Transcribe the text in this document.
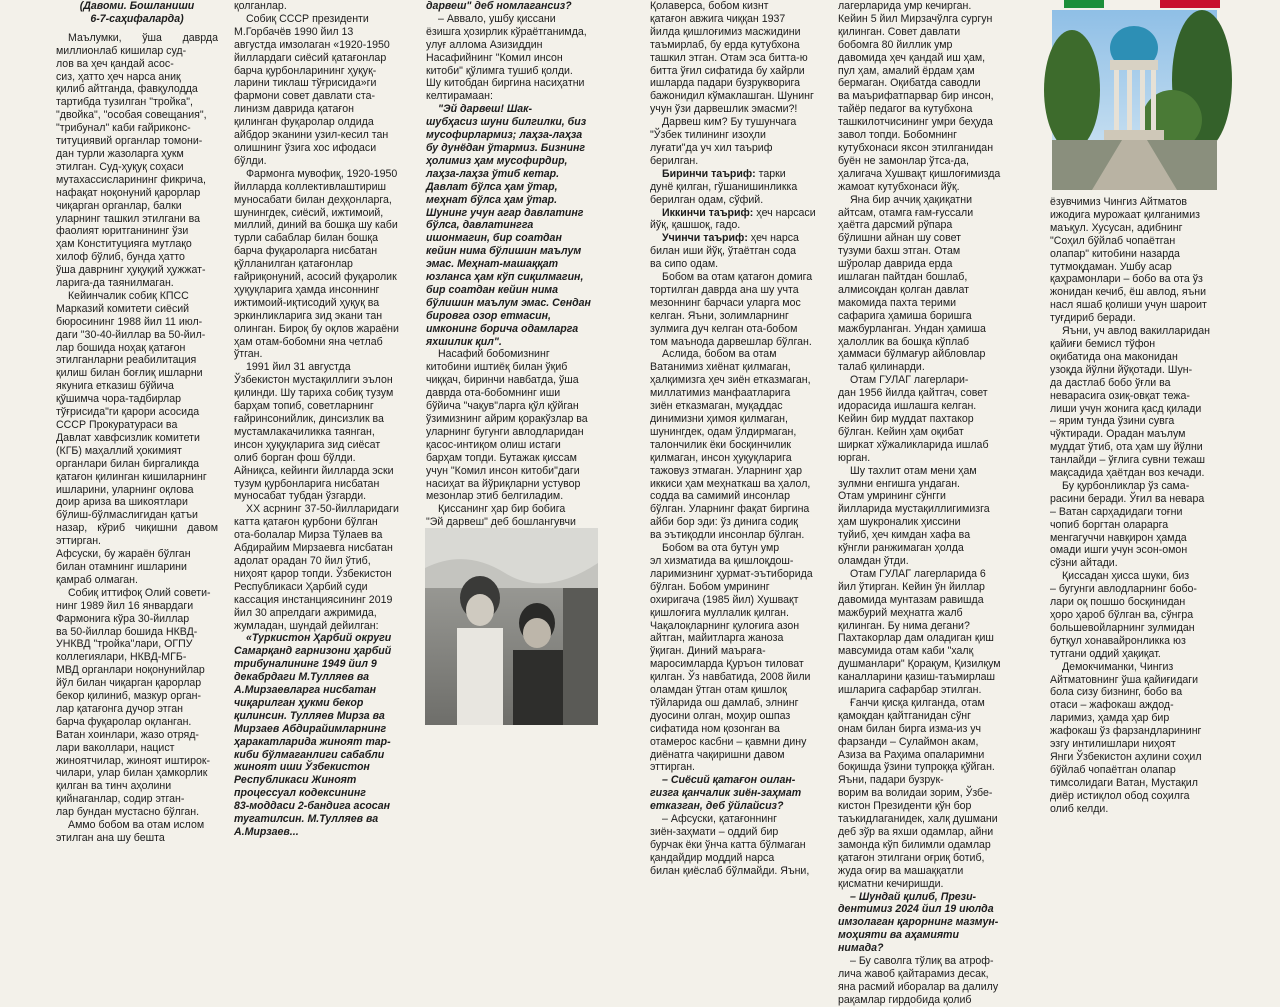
(Давоми. Бошланиши
6-7-саҳифаларда)

Маълумки, ўша даврда миллионлаб кишилар суд-
лов ва ҳеч қандай асос-
сиз, ҳатто ҳеч нарса аниқ
қилиб айтганда, фавқулодда
тартибда тузилган "тройка",
"двойка", "особая совещания",
"трибунал" каби ғайриконс-
титуциявий органлар томони-
дан турли жазоларга ҳукм
этилган. Суд-ҳуқуқ соҳаси
мутахассисларининг фикрича,
нафақат ноқонуний қарорлар
чиқарган органлар, балки
уларнинг ташкил этилгани ва
фаолият юритганининг ўзи
ҳам Конституцияга мутлақо
хилоф бўлиб, бунда ҳатто
ўша даврнинг ҳуқуқий ҳужжат-
ларига-да таянилмаган.

Кейинчалик собиқ КПСС
Марказий комитети сиёсий
бюросининг 1988 йил 11 июл-
даги "30-40-йиллар ва 50-йил-
лар бошида ноҳақ қатағон
этилганларни реабилитация
қилиш билан боғлиқ ишларни
якунига етказиш бўйича
қўшимча чора-тадбирлар
тўғрисида"ги қарори асосида
СССР Прокуратураси ва
Давлат хавфсизлик комитети
(КГБ) маҳаллий ҳокимият
органлари билан биргаликда
қатағон қилинган кишиларнинг
ишларини, уларнинг оқлова
доир ариза ва шикоятлари
бўлиш-бўлмаслигидан қатъи
назар, кўриб чиқишни давом эттирган.
Афсуски, бу жараён бўлган
билан отамнинг ишларини
қамраб олмаган.

Собиқ иттифоқ Олий совети-
нинг 1989 йил 16 январдаги
Фармонига кўра 30-йиллар
ва 50-йиллар бошида НКВД-
УНКВД "тройка"лари, ОГПУ
коллегиялари, НКВД-МГБ-
МВД органлари ноқонунийлар
йўл билан чиқарган қарорлар
бекор қилиниб, мазкур орган-
лар қатағонга дучор этган
барча фуқаролар оқланган.
Ватан хоинлари, жазо отряд-
лари ваколлари, нацист
жиноятчилар, жиноят иштирок-
чилари, улар билан ҳамкорлик
қилган ва тинч аҳолини
қийнаганлар, содир этган-
лар бундан мустасно бўлган.

Аммо бобом ва отам ислом
этилган ана шу бешта

қолганлар.

Собиқ СССР президенти
М.Горбачёв 1990 йил 13
августда имзолаган «1920-1950
йиллардаги сиёсий қатағонлар
барча қурбонларининг ҳуқуқ-
ларини тиклаш тўғрисида»ги
фармони совет давлати ста-
линизм даврида қатағон
қилинган фуқаролар олдида
айбдор эканини узил-кесил тан
олишнинг ўзига хос ифодаси
бўлди.

Фармонга мувофиқ, 1920-1950
йилларда коллективлаштириш
муносабати билан деҳқонларга,
шунингдек, сиёсий, ижтимоий,
миллий, диний ва бошқа шу каби
турли сабаблар билан бошқа
барча фуқароларга нисбатан
қўлланилган қатағонлар
ғайриқонуний, асосий фуқаролик
ҳуқуқларига ҳамда инсоннинг
ижтимоий-иқтисодий ҳуқуқ ва
эркинликларига зид экани тан
олинган. Бироқ бу оқлов жараёни
ҳам отам-бобомни яна четлаб
ўтган.

1991 йил 31 августда
Ўзбекистон мустақиллиги эълон
қилинди. Шу тариха собиқ тузум
барҳам топиб, советларнинг
ғайринсонийлик, динсизлик ва
мустамлакачиликка таянган,
инсон ҳуқуқларига зид сиёсат
олиб борган фош бўлди.
Айниқса, кейинги йилларда эски
тузум қурбонларига нисбатан
муносабат тубдан ўзгарди.

XX асрнинг 37-50-йилларидаги
катта қатағон қурбони бўлган
ота-болалар Мирза Тўлаев ва
Абдирайим Мирзаевга нисбатан
адолат орадан 70 йил ўтиб,
ниҳоят қарор топди. Ўзбекистон
Республикаси Ҳарбий суди
кассация инстанциясининг 2019
йил 30 апрелдаги ажримида,
жумладан, шундай дейилган:

«Туркистон Ҳарбий округи
Самарқанд гарнизони ҳарбий
трибуналининг 1949 йил 9
декабрдаги М.Тулляев ва
А.Мирзаевларга нисбатан
чиқарилган ҳукми бекор
қилинсин. Тулляев Мирза ва
Мирзаев Абдирайимларнинг
ҳаракатларида жиноят тар-
киби бўлмаганлиги сабабли
жиноят иши Ўзбекистон
Республикаси Жиноят
процессуал кодексининг
83-моддаси 2-бандига асосан
тугатилсин. М.Тулляев ва
А.Мирзаев...

дарвеш" деб номлагансиз?

– Аввало, ушбу қиссани
ёзишга ҳозирлик кўраётганимда,
улуғ аллома Азизиддин
Насафийнинг "Комил инсон
китоби" қўлимга тушиб қолди.
Шу китобдан биргина насиҳатни
келтирамаан:

"Эй дарвеш! Шак-
шубҳасиз шуни билгилки, биз
мусофирлармиз; лаҳза-лаҳза
бу дунёдан ўтармиз. Бизнинг
ҳолимиз ҳам мусофирдир,
лаҳза-лаҳза ўтиб кетар.
Давлат бўлса ҳам ўтар,
меҳнат бўлса ҳам ўтар.
Шунинг учун агар давлатинг
бўлса, давлатингга
ишонмагин, бир соатдан
кейин нима бўлишин маълум
эмас. Меҳнат-машаққат
юзланса ҳам кўп сиқилмагин,
бир соатдан кейин нима
бўлишин маълум эмас. Сендан
бировга озор етмасин,
имконинг борича одамларга
яхшилик қил".

Насафий бобомизнинг
китобини иштиёқ билан ўқиб
чиққач, биринчи навбатда, ўша
даврда ота-бобомнинг иши
бўйича "чақув"ларга қўл қўйган
ўзимизнинг айрим қоракўзлар ва
уларнинг бугунги авлодларидан
қасос-интиқом олиш истаги
барҳам топди. Бутажак қиссам
учун "Комил инсон китоби"даги
насиҳат ва йўриқларни устувор
мезонлар этиб белгиладим.

Қиссанинг ҳар бир бобига
"Эй дарвеш" деб бошлангувчи

Қолаверса, бобом кизнт
қатағон авжига чиққан 1937
йилда қишлоғимиз масжидини
таъмирлаб, бу ерда кутубхона
ташкил этган. Отам эса битта-ю
битта ўғил сифатида бу хайрли
ишларда падари бузрукворига
бажонидил кўмаклашган. Шунинг
учун ўзи дарвешлик эмасми?!

Дарвеш ким? Бу тушунчага
"Ўзбек тилининг изоҳли
луғати"да уч хил таъриф
берилган.

Биринчи таъриф: тарки
дунё қилган, гўшанишинликка
берилган одам, сўфий.

Иккинчи таъриф: ҳеч нарсаси
йўқ, қашшоқ, гадо.

Учинчи таъриф: ҳеч нарса
билан иши йўқ, ўтаётган сода
ва сипо одам.

Бобом ва отам қатағон домига
тортилган даврда ана шу учта
мезоннинг барчаси уларга мос
келган. Яъни, золимларнинг
зулмига дуч келган ота-бобом
том маънода дарвешлар бўлган.

Аслида, бобом ва отам
Ватанимиз хиёнат қилмаган,
ҳалқимизга ҳеч зиён етказмаган,
миллатимиз манфаатларига
зиён етказмаган, муқаддас
динимизни ҳимоя қилмаган,
шунингдек, одам ўлдирмаган,
талончилик ёки босқинчилик
қилмаган, инсон ҳуқуқларига
тажовуз этмаган. Уларнинг ҳар
иккиси ҳам меҳнаткаш ва ҳалол,
содда ва самимий инсонлар
бўлган. Уларнинг фақат биргина
айби бор эди: ўз динига содиқ
ва эътиқодли инсонлар бўлган.

Бобом ва ота бутун умр
эл хизматида ва қишлоқдош-
ларимизнинг ҳурмат-эътиборида
бўлган. Бобом умрининг
охиригача (1985 йил) Хушвақт
қишлоғига муллалик қилган.
Чақалоқларнинг қулоғига азон
айтган, майитларга жаноза
ўқиган. Диний маъраға-
маросимларда Қуръон тиловат
қилган. Ўз навбатида, 2008 йили
оламдан ўтган отам қишлоқ
тўйларида ош дамлаб, элнинг
дуосини олган, моҳир ошпаз
сифатида ном қозонган ва
отамерос касбни – қавмни дину
диёнатга чақиришни давом
эттирган.

– Сиёсий қатағон оилан-
гизга қанчалик зиён-заҳмат
етказган, деб ўйлайсиз?

– Афсуски, қатағоннинг
зиён-заҳмати – оддий бир
бурчак ёки ўнча катта бўлмаган
қандайдир моддий нарса
билан қиёслаб бўлмайди. Яъни,

лагерларида умр кечирган.
Кейин 5 йил Мирзачўлга сургун
қилинган. Совет давлати
бобомга 80 йиллик умр
давомида ҳеч қандай иш ҳам,
пул ҳам, амалий ёрдам ҳам
бермаган. Оқибатда саводли
ва маърифатпарвар бир инсон,
тайёр педагог ва кутубхона
ташкилотчисининг умри беҳуда
завол топди. Бобомнинг
кутубхонаси яксон этилганидан
буён не замонлар ўтса-да,
ҳалигача Хушвақт қишлоғимизда
жамоат кутубхонаси йўқ.

Яна бир аччиқ ҳақиқатни
айтсам, отамга ғам-ғуссали
ҳаётга дарсмий рўпара
бўлишни айнан шу совет
тузуми бахш этган. Отам
шўролар даврида ерда
ишлаган пайтдан бошлаб,
алмисоқдан қолган давлат
макомида пахта терими
сафарига ҳамиша боришга
мажбурланган. Ундан ҳамиша
ҳалоллик ва бошқа кўплаб
ҳаммаси бўлмағур айбловлар
талаб қилинарди.

Отам ГУЛАГ лагерлари-
дан 1956 йилда қайтгач, совет
идорасида ишлашга келган.
Кейин бир муддат пахтакор
бўлган. Кейин ҳам оқибат
ширкат хўжаликларида ишлаб
юрган.

Шу тахлит отам мени ҳам
зулмни енгишга ундаган.
Отам умрининг сўнгги
йилларида мустақиллигимизга
ҳам шукроналик ҳиссини
туйиб, ҳеч кимдан хафа ва
кўнгли ранжимаган ҳолда
оламдан ўтди.

Отам ГУЛАГ лагерларида 6
йил ўтирган. Кейин ўн йиллар
давомида мунтазам равишда
мажбурий меҳнатга жалб
қилинган. Бу нима дегани?
Пахтакорлар дам оладиган қиш
мавсумида отам каби "халқ
душманлари" Қорақум, Қизилқум
каналларини қазиш-таъмирлаш
ишларига сафарбар этилган.

Ғанчи қисқа қилганда, отам
қамоқдан қайтганидан сўнг
онам билан бирга изма-из уч
фарзанди – Сулаймон акам,
Азиза ва Раҳима опаларимни
боқишда ўзини тупроққа қўйган.
Яъни, падари бузрук-
ворим ва волидаи зорим, Ўзбе-
кистон Президенти қўн бор
таъкидлаганидек, халқ душмани
деб зўр ва яхши одамлар, айни
замонда кўп билимли одамлар
қатағон этилгани оғриқ ботиб,
жуда оғир ва машаққатли
қисматни кечиришди.

– Шундай қилиб, Прези-
дентимиз 2024 йил 19 июлда
имзолаган қарорнинг мазмун-
моҳияти ва аҳамияти
нимада?

– Бу саволга тўлиқ ва атроф-
лича жавоб қайтарамиз десак,
яна расмий иборалар ва далилу
рақамлар гирдобида қолиб

ёзувчимиз Чингиз Айтматов
ижодига мурожаат қилганимиз
маъқул. Хусусан, адибнинг
"Соҳил бўйлаб чопаётган
олапар" китобини назарда
тутмоқдаман. Ушбу асар
қаҳрамонлари – бобо ва ота ўз
жонидан кечиб, ёш авлод, яъни
насл яшаб қолиши учун шароит
туғдириб беради.

Яъни, уч авлод вакилларидан
қайиғи бемисл тўфон
оқибатида она маконидан
узоқда йўлни йўқотади. Шун-
да дастлаб бобо ўғли ва
неварасига озиқ-овқат тежа-
лиши учун жонига қасд қилади
– ярим тунда ўзини сувга
чўктиради. Орадан маълум
муддат ўтиб, ота ҳам шу йўлни
танлайди – ўғлига сувни тежаш
мақсадида ҳаётдан воз кечади.

Бу қурбонликлар ўз сама-
расини беради. Ўғил ва невара
– Ватан сарҳадидаги тоғни
чопиб боргтан оларарга
менгагуччи навқирон ҳамда
омади ишги учун эсон-омон
сўзни айтади.

Қиссадан ҳисса шуки, биз
– бугунги авлодларнинг бобо-
лари оқ пошшо босқинидан
ҳоро ҳароб бўлган ва, сўнгра
большевойларнинг зулмидан
бутқул хонавайронликка юз
тутгани оддий ҳақиқат.

Демокчиманки, Чингиз
Айтматовнинг ўша қайиғидаги
бола сизу бизнинг, бобо ва
отаси – жафокаш аждод-
ларимиз, ҳамда ҳар бир
жафокаш ўз фарзандларининг
эзгу интилишлари ниҳоят
Янги Ўзбекистон аҳлини соҳил
бўйлаб чопаётган олапар
тимсолидаги Ватан, Мустақил
диёр истиқлол обод соҳилга
олиб келди.
